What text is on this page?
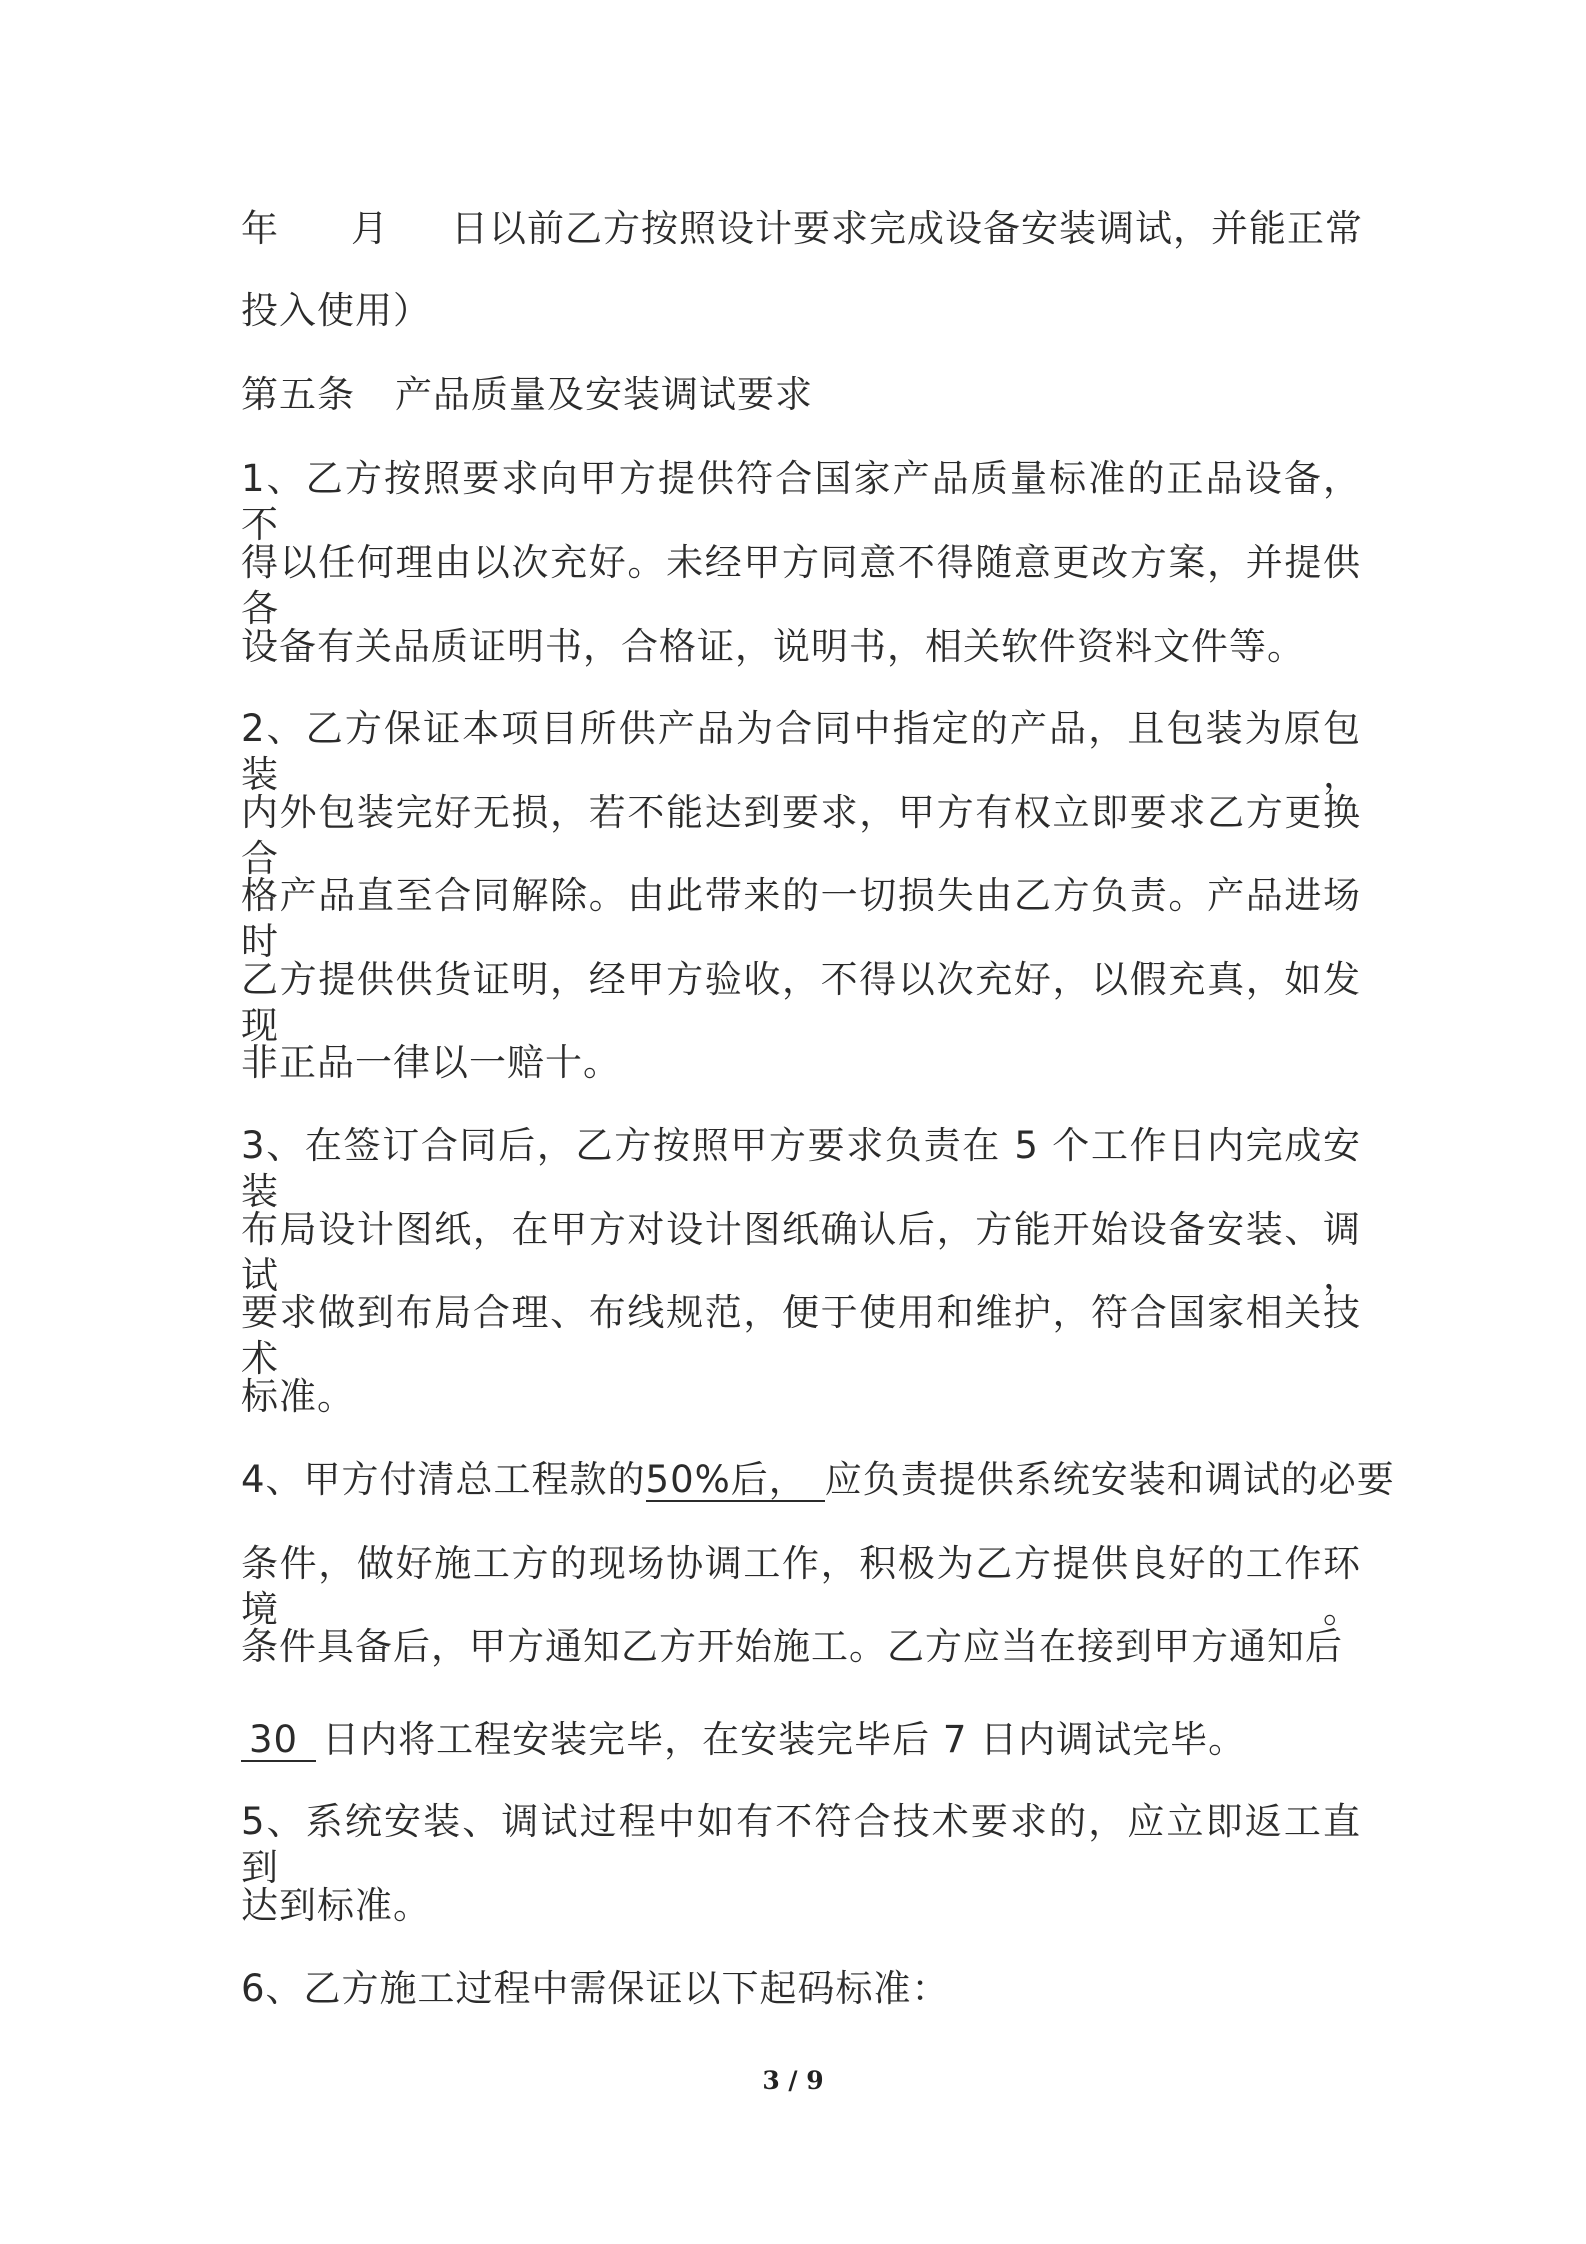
年 月 日以前乙方按照设计要求完成设备安装调试，并能正常
投入使用）
第五条 产品质量及安装调试要求
1、乙方按照要求向甲方提供符合国家产品质量标准的正品设备，不
得以任何理由以次充好。未经甲方同意不得随意更改方案，并提供各
设备有关品质证明书，合格证，说明书，相关软件资料文件等。
2、乙方保证本项目所供产品为合同中指定的产品，且包装为原包装，
内外包装完好无损，若不能达到要求，甲方有权立即要求乙方更换合
格产品直至合同解除。由此带来的一切损失由乙方负责。产品进场时
乙方提供供货证明，经甲方验收，不得以次充好，以假充真，如发现
非正品一律以一赔十。
3、在签订合同后，乙方按照甲方要求负责在 5 个工作日内完成安装
布局设计图纸，在甲方对设计图纸确认后，方能开始设备安装、调试，
要求做到布局合理、布线规范，便于使用和维护，符合国家相关技术
标准。
4、甲方付清总工程款的50%后， 应负责提供系统安装和调试的必要
条件，做好施工方的现场协调工作，积极为乙方提供良好的工作环境。
条件具备后，甲方通知乙方开始施工。乙方应当在接到甲方通知后
30 日内将工程安装完毕，在安装完毕后 7 日内调试完毕。
5、系统安装、调试过程中如有不符合技术要求的，应立即返工直到
达到标准。
6、乙方施工过程中需保证以下起码标准：
3 / 9
